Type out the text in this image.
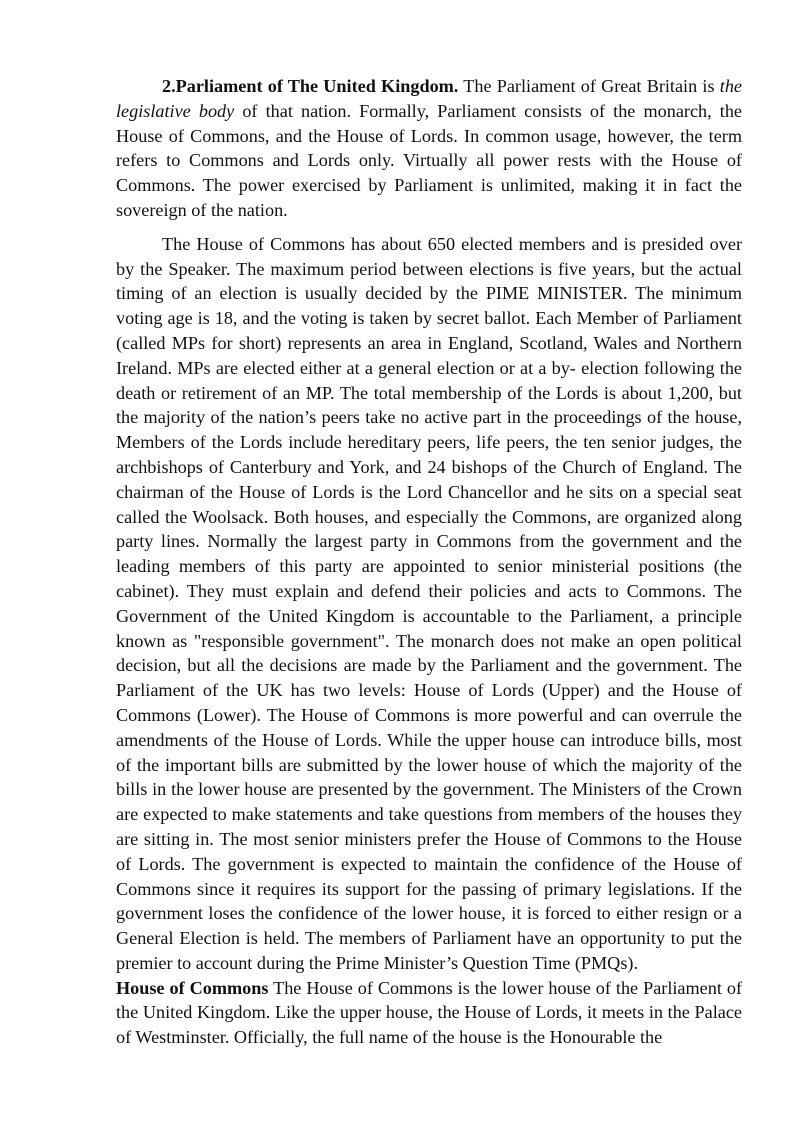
2.Parliament of The United Kingdom. The Parliament of Great Britain is the legislative body of that nation. Formally, Parliament consists of the monarch, the House of Commons, and the House of Lords. In common usage, however, the term refers to Commons and Lords only. Virtually all power rests with the House of Commons. The power exercised by Parliament is unlimited, making it in fact the sovereign of the nation.

The House of Commons has about 650 elected members and is presided over by the Speaker. The maximum period between elections is five years, but the actual timing of an election is usually decided by the PIME MINISTER. The minimum voting age is 18, and the voting is taken by secret ballot. Each Member of Parliament (called MPs for short) represents an area in England, Scotland, Wales and Northern Ireland. MPs are elected either at a general election or at a by- election following the death or retirement of an MP. The total membership of the Lords is about 1,200, but the majority of the nation’s peers take no active part in the proceedings of the house, Members of the Lords include hereditary peers, life peers, the ten senior judges, the archbishops of Canterbury and York, and 24 bishops of the Church of England. The chairman of the House of Lords is the Lord Chancellor and he sits on a special seat called the Woolsack. Both houses, and especially the Commons, are organized along party lines. Normally the largest party in Commons from the government and the leading members of this party are appointed to senior ministerial positions (the cabinet). They must explain and defend their policies and acts to Commons. The Government of the United Kingdom is accountable to the Parliament, a principle known as "responsible government". The monarch does not make an open political decision, but all the decisions are made by the Parliament and the government. The Parliament of the UK has two levels: House of Lords (Upper) and the House of Commons (Lower). The House of Commons is more powerful and can overrule the amendments of the House of Lords. While the upper house can introduce bills, most of the important bills are submitted by the lower house of which the majority of the bills in the lower house are presented by the government. The Ministers of the Crown are expected to make statements and take questions from members of the houses they are sitting in. The most senior ministers prefer the House of Commons to the House of Lords. The government is expected to maintain the confidence of the House of Commons since it requires its support for the passing of primary legislations. If the government loses the confidence of the lower house, it is forced to either resign or a General Election is held. The members of Parliament have an opportunity to put the premier to account during the Prime Minister’s Question Time (PMQs).

House of Commons The House of Commons is the lower house of the Parliament of the United Kingdom. Like the upper house, the House of Lords, it meets in the Palace of Westminster. Officially, the full name of the house is the Honourable the
